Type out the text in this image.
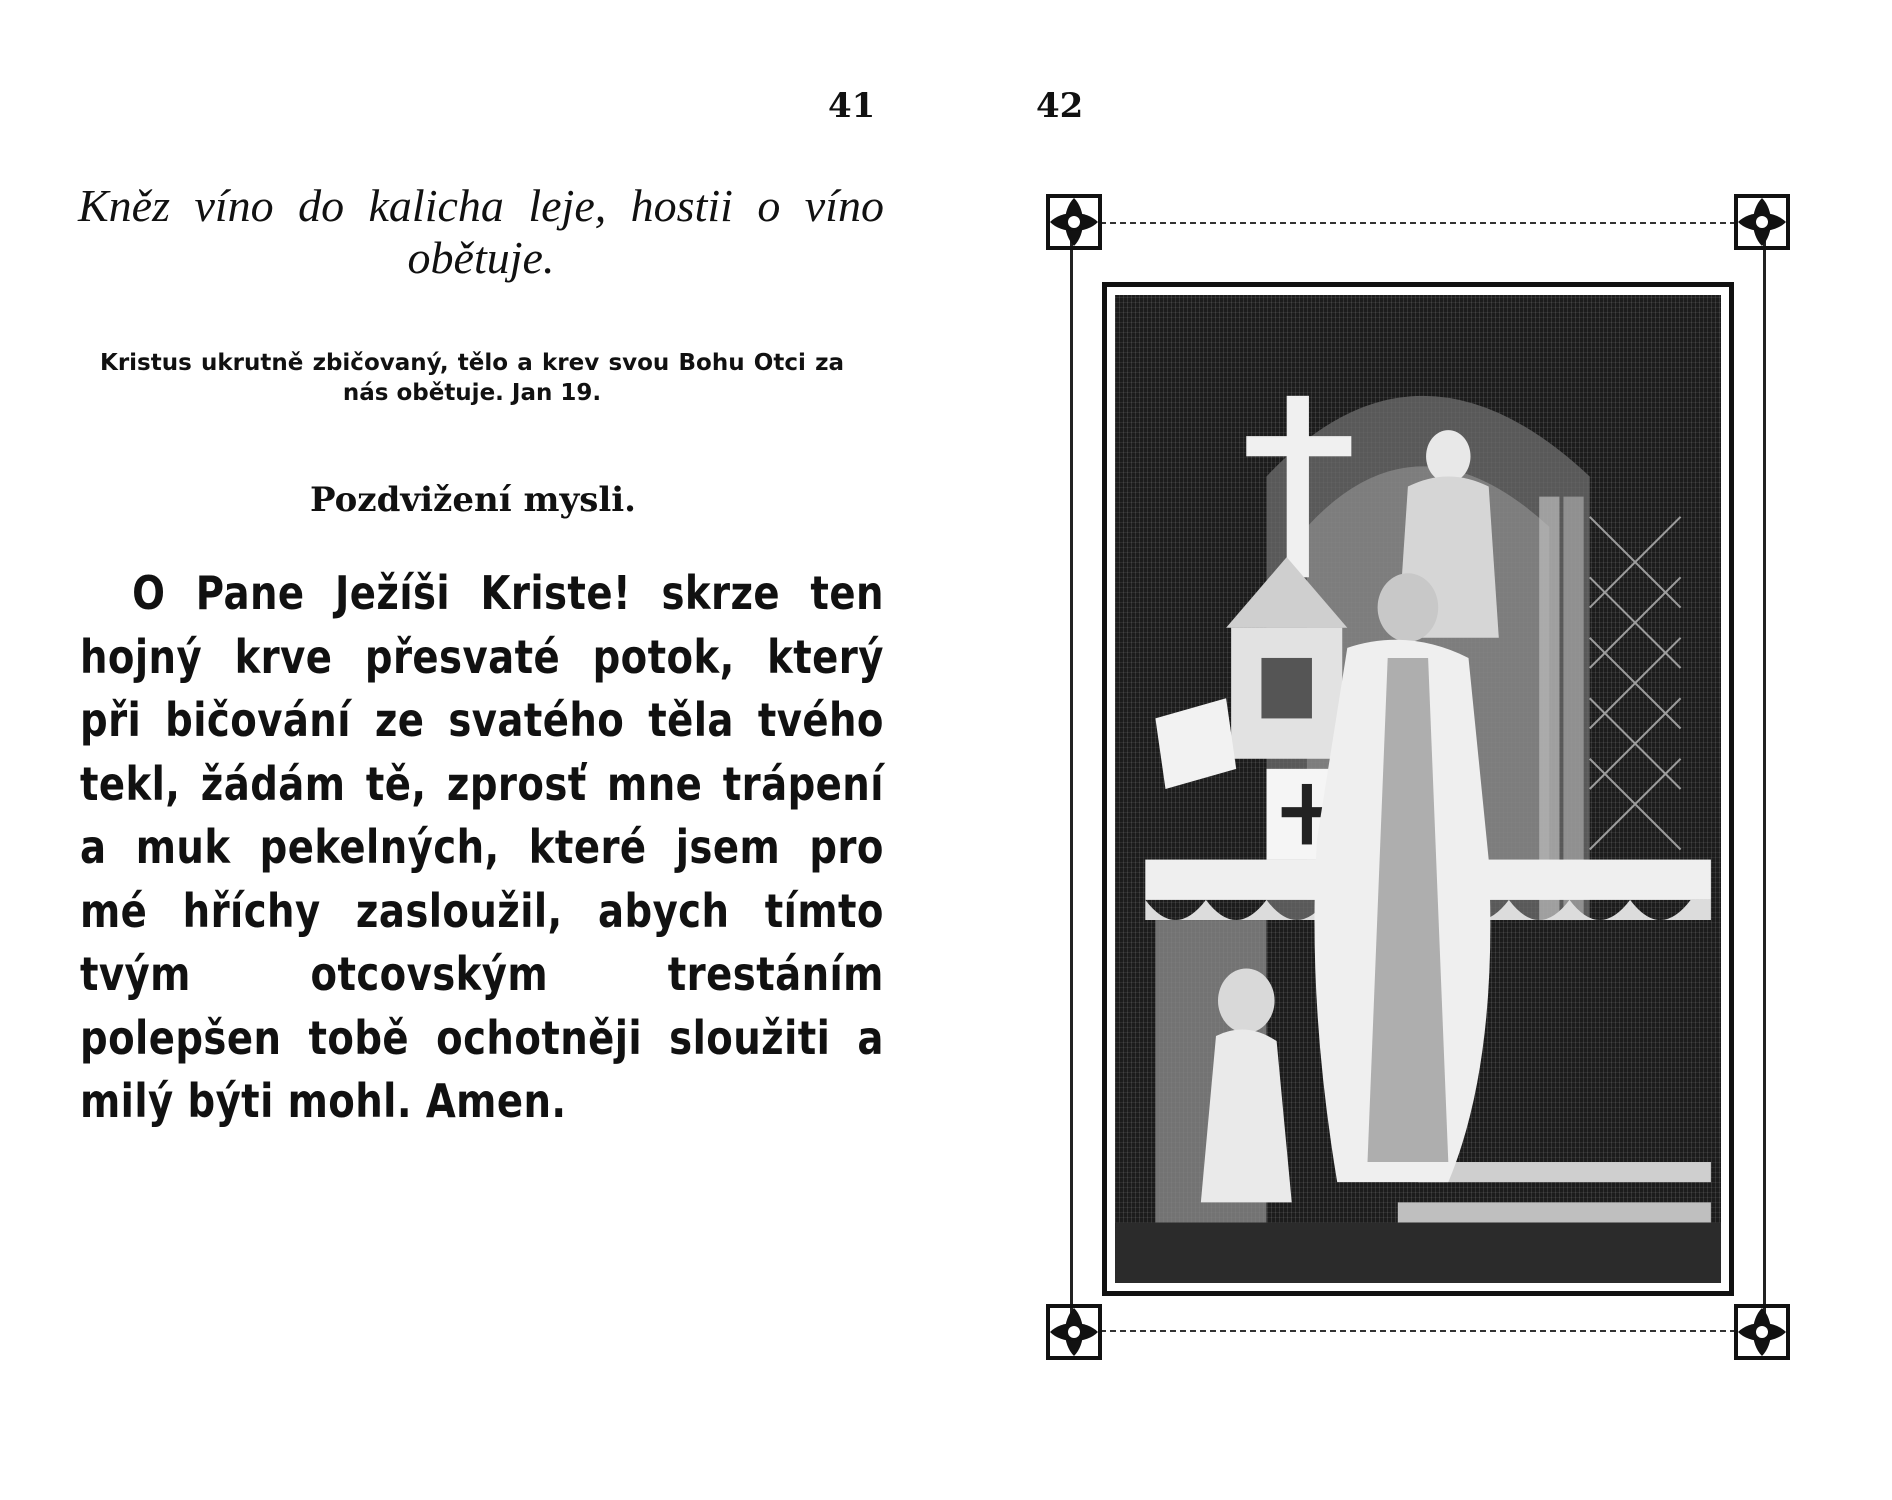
41
Kněz víno do kalicha leje, hostii o víno obětuje.
Kristus ukrutně zbičovaný, tělo a krev svou Bohu Otci za nás obětuje. Jan 19.
Pozdvižení mysli.
O Pane Ježíši Kriste! skrze ten hojný krve přesvaté potok, který při bičování ze svatého těla tvého tekl, žádám tě, zprosť mne trápení a muk pekelných, které jsem pro mé hříchy zasloužil, abych tímto tvým otcovským trestáním polepšen tobě ochotněji sloužiti a milý býti mohl. Amen.
42
